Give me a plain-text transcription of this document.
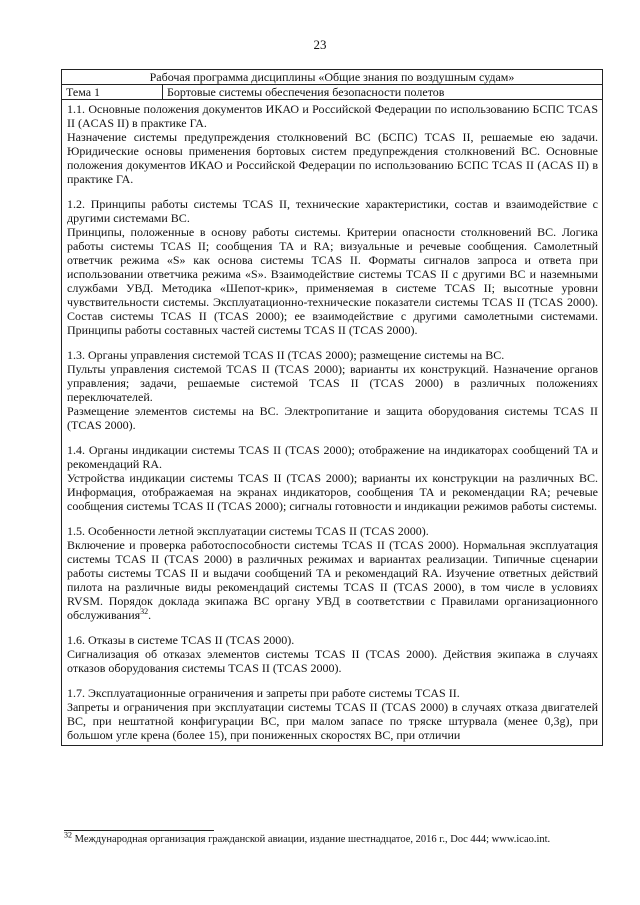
23
Рабочая программа дисциплины «Общие знания по воздушным судам»
Тема 1	Бортовые системы обеспечения безопасности полетов

1.1. Основные положения документов ИКАО и Российской Федерации по использованию БСПС TCAS II (ACAS II) в практике ГА.

Назначение системы предупреждения столкновений ВС (БСПС) TCAS II, решаемые ею задачи. Юридические основы применения бортовых систем предупреждения столкновений ВС. Основные положения документов ИКАО и Российской Федерации по использованию БСПС TCAS II (ACAS II) в практике ГА.

1.2. Принципы работы системы TCAS II, технические характеристики, состав и взаимодействие с другими системами ВС.

Принципы, положенные в основу работы системы. Критерии опасности столкновений ВС. Логика работы системы TCAS II; сообщения TA и RA; визуальные и речевые сообщения. Самолетный ответчик режима «S» как основа системы TCAS II. Форматы сигналов запроса и ответа при использовании ответчика режима «S». Взаимодействие системы TCAS II с другими ВС и наземными службами УВД. Методика «Шепот-крик», применяемая в системе TCAS II; высотные уровни чувствительности системы. Эксплуатационно-технические показатели системы TCAS II (TCAS 2000). Состав системы TCAS II (TCAS 2000); ее взаимодействие с другими самолетными системами. Принципы работы составных частей системы TCAS II (TCAS 2000).

1.3. Органы управления системой TCAS II (TCAS 2000); размещение системы на ВС.

Пульты управления системой TCAS II (TCAS 2000); варианты их конструкций. Назначение органов управления; задачи, решаемые системой TCAS II (TCAS 2000) в различных положениях переключателей.

Размещение элементов системы на ВС. Электропитание и защита оборудования системы TCAS II (TCAS 2000).

1.4. Органы индикации системы TCAS II (TCAS 2000); отображение на индикаторах сообщений TA и рекомендаций RA.

Устройства индикации системы TCAS II (TCAS 2000); варианты их конструкции на различных ВС. Информация, отображаемая на экранах индикаторов, сообщения TA и рекомендации RA; речевые сообщения системы TCAS II (TCAS 2000); сигналы готовности и индикации режимов работы системы.

1.5. Особенности летной эксплуатации системы TCAS II (TCAS 2000).

Включение и проверка работоспособности системы TCAS II (TCAS 2000). Нормальная эксплуатация системы TCAS II (TCAS 2000) в различных режимах и вариантах реализации. Типичные сценарии работы системы TCAS II и выдачи сообщений TA и рекомендаций RA. Изучение ответных действий пилота на различные виды рекомендаций системы TCAS II (TCAS 2000), в том числе в условиях RVSM. Порядок доклада экипажа ВС органу УВД в соответствии с Правилами организационного обслуживания$^{32}$.

1.6. Отказы в системе TCAS II (TCAS 2000).

Сигнализация об отказах элементов системы TCAS II (TCAS 2000). Действия экипажа в случаях отказов оборудования системы TCAS II (TCAS 2000).

1.7. Эксплуатационные ограничения и запреты при работе системы TCAS II.

Запреты и ограничения при эксплуатации системы TCAS II (TCAS 2000) в случаях отказа двигателей ВС, при нештатной конфигурации ВС, при малом запасе по тряске штурвала (менее 0,3g), при большом угле крена (более 15), при пониженных скоростях ВС, при отличии

$^{32}$ Международная организация гражданской авиации, издание шестнадцатое, 2016 г., Doc 444; www.icao.int.
